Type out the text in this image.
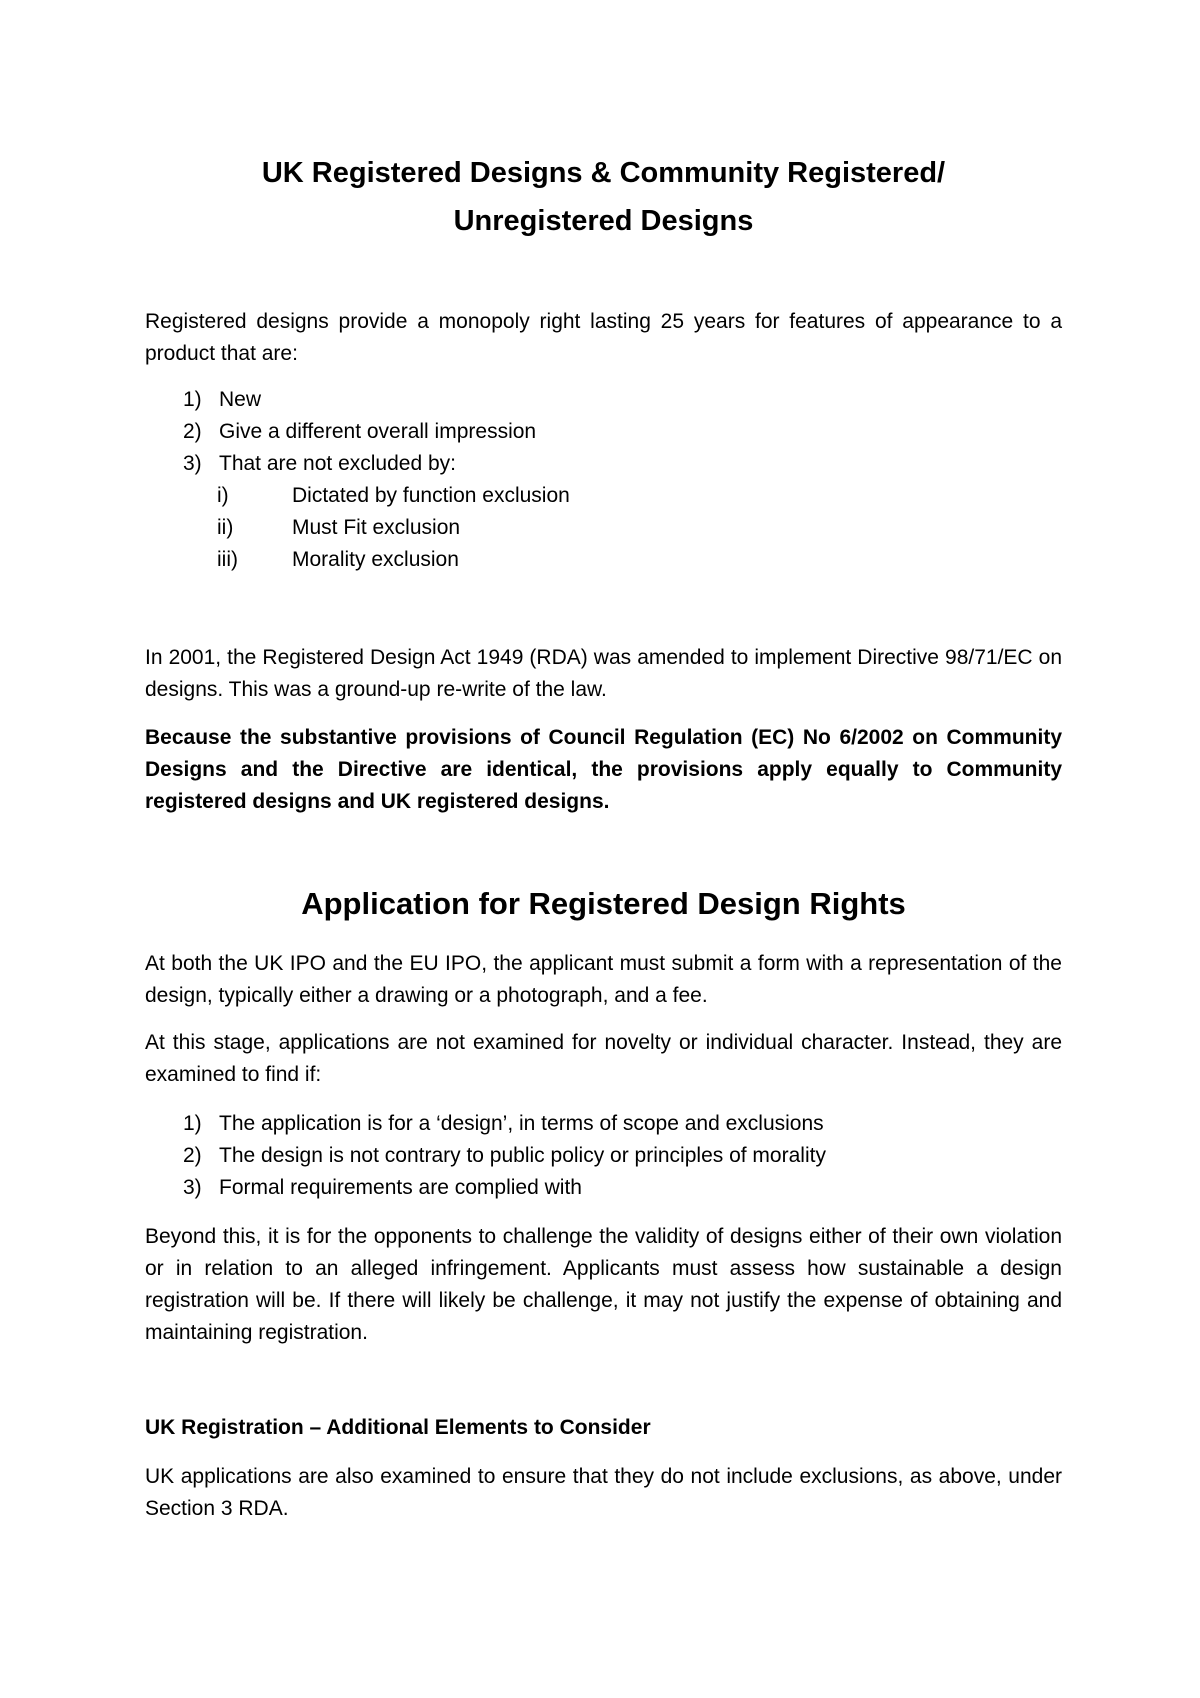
UK Registered Designs & Community Registered/
Unregistered Designs

Registered designs provide a monopoly right lasting 25 years for features of appearance to a product that are:

1) New
2) Give a different overall impression
3) That are not excluded by:
i)	Dictated by function exclusion
ii)	Must Fit exclusion
iii)	Morality exclusion

In 2001, the Registered Design Act 1949 (RDA) was amended to implement Directive 98/71/EC on designs. This was a ground-up re-write of the law.

Because the substantive provisions of Council Regulation (EC) No 6/2002 on Community Designs and the Directive are identical, the provisions apply equally to Community registered designs and UK registered designs.

Application for Registered Design Rights

At both the UK IPO and the EU IPO, the applicant must submit a form with a representation of the design, typically either a drawing or a photograph, and a fee.

At this stage, applications are not examined for novelty or individual character. Instead, they are examined to find if:

1) The application is for a ‘design’, in terms of scope and exclusions
2) The design is not contrary to public policy or principles of morality
3) Formal requirements are complied with

Beyond this, it is for the opponents to challenge the validity of designs either of their own violation or in relation to an alleged infringement. Applicants must assess how sustainable a design registration will be. If there will likely be challenge, it may not justify the expense of obtaining and maintaining registration.

UK Registration – Additional Elements to Consider

UK applications are also examined to ensure that they do not include exclusions, as above, under Section 3 RDA.
